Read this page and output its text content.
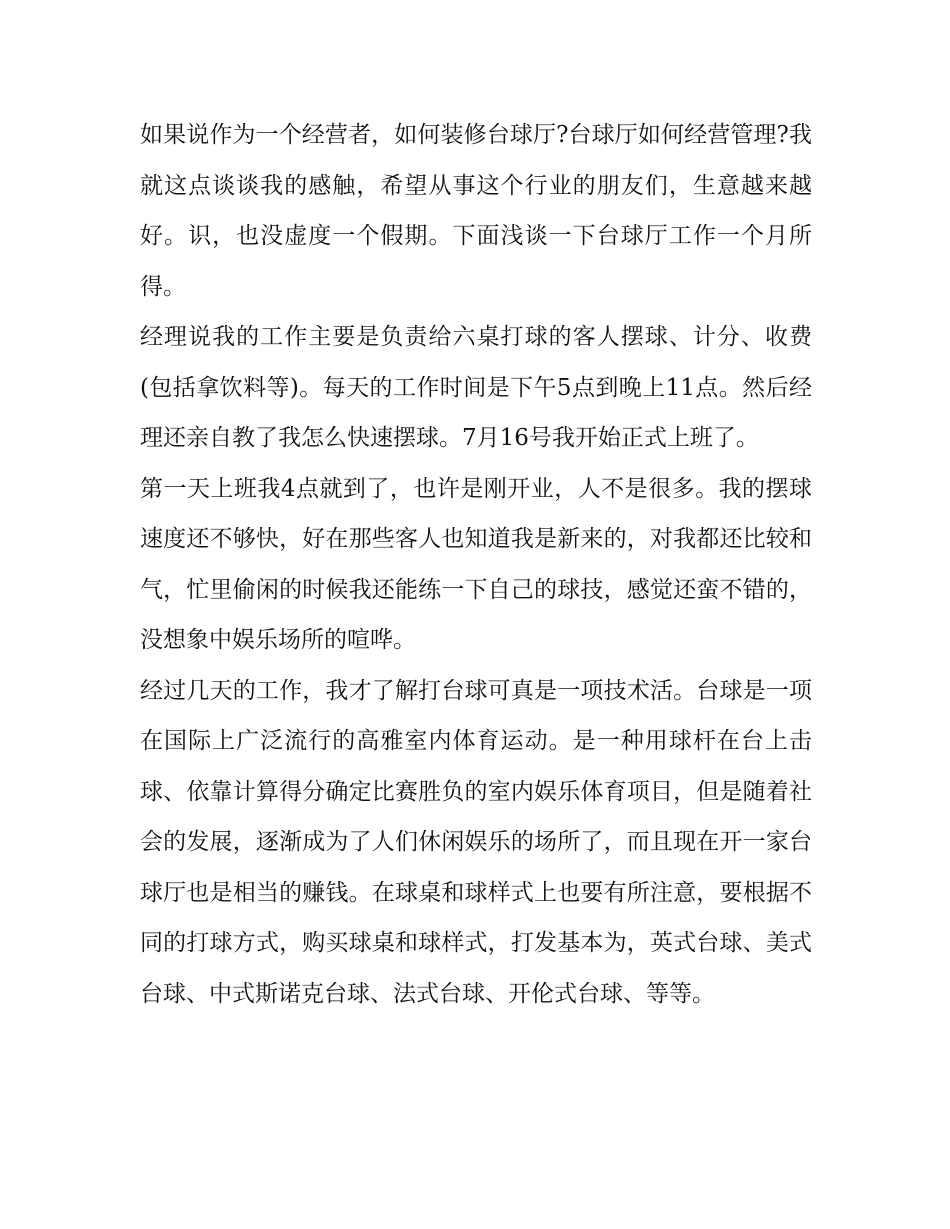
如果说作为一个经营者，如何装修台球厅?台球厅如何经营管理?我就这点谈谈我的感触，希望从事这个行业的朋友们，生意越来越好。识，也没虚度一个假期。下面浅谈一下台球厅工作一个月所得。

经理说我的工作主要是负责给六桌打球的客人摆球、计分、收费(包括拿饮料等)。每天的工作时间是下午5点到晚上11点。然后经理还亲自教了我怎么快速摆球。7月16号我开始正式上班了。

第一天上班我4点就到了，也许是刚开业，人不是很多。我的摆球速度还不够快，好在那些客人也知道我是新来的，对我都还比较和气，忙里偷闲的时候我还能练一下自己的球技，感觉还蛮不错的，没想象中娱乐场所的喧哗。

经过几天的工作，我才了解打台球可真是一项技术活。台球是一项在国际上广泛流行的高雅室内体育运动。是一种用球杆在台上击球、依靠计算得分确定比赛胜负的室内娱乐体育项目，但是随着社会的发展，逐渐成为了人们休闲娱乐的场所了，而且现在开一家台球厅也是相当的赚钱。在球桌和球样式上也要有所注意，要根据不同的打球方式，购买球桌和球样式，打发基本为，英式台球、美式台球、中式斯诺克台球、法式台球、开伦式台球、等等。
